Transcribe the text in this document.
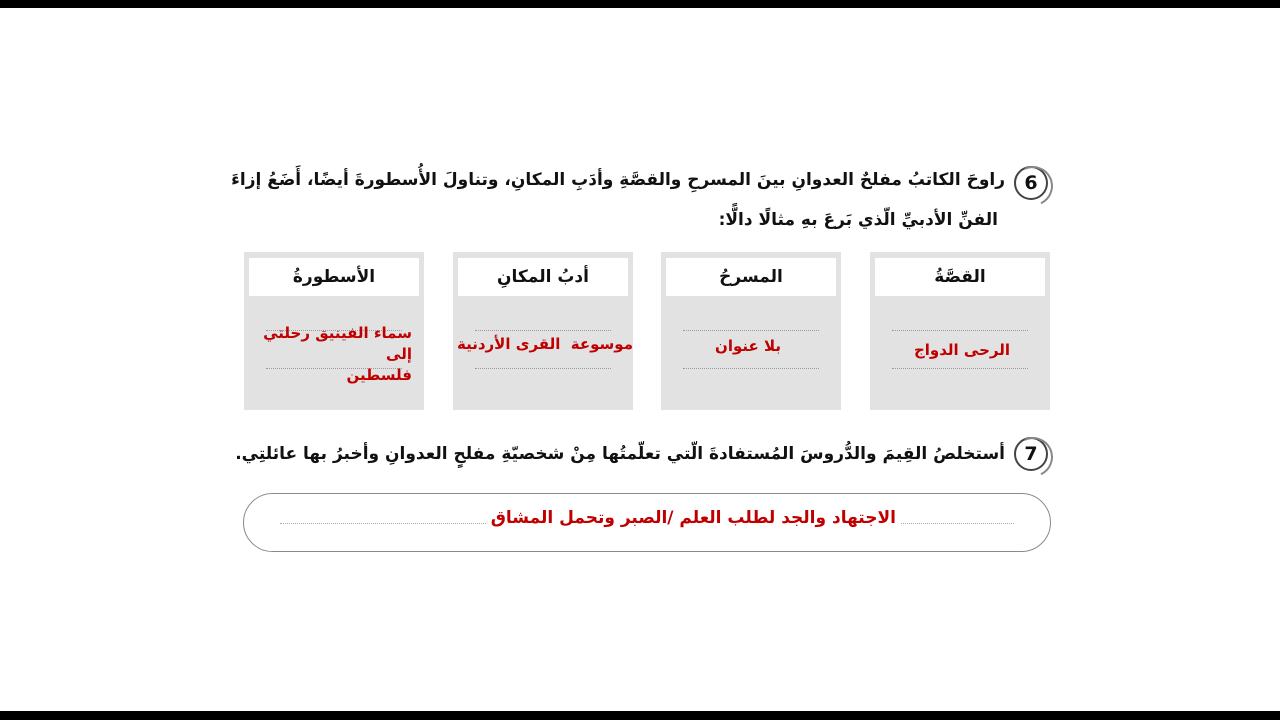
6
راوحَ الكاتبُ مفلحٌ العدوانِ بينَ المسرحِ والقصَّةِ وأدَبِ المكانِ، وتناولَ الأُسطورةَ أيضًا، أَضَعُ إزاءَ
الفنِّ الأدبيِّ الّذي بَرعَ بهِ مثالًا دالًّا:
القصَّةُ
الرحى الدواج
المسرحُ
بلا عنوان
أدبُ المكانِ
موسوعة  القرى الأردنية
الأسطورةُ
سماء الفينيق رحلتي إلى
فلسطين
7
أستخلصُ القِيمَ والدُّروسَ المُستفادةَ الّتي تعلّمتُها مِنْ شخصيّةِ مفلحٍ العدوانِ وأخبرُ بها عائلتِي.
الاجتهاد والجد لطلب العلم /الصبر وتحمل المشاق
